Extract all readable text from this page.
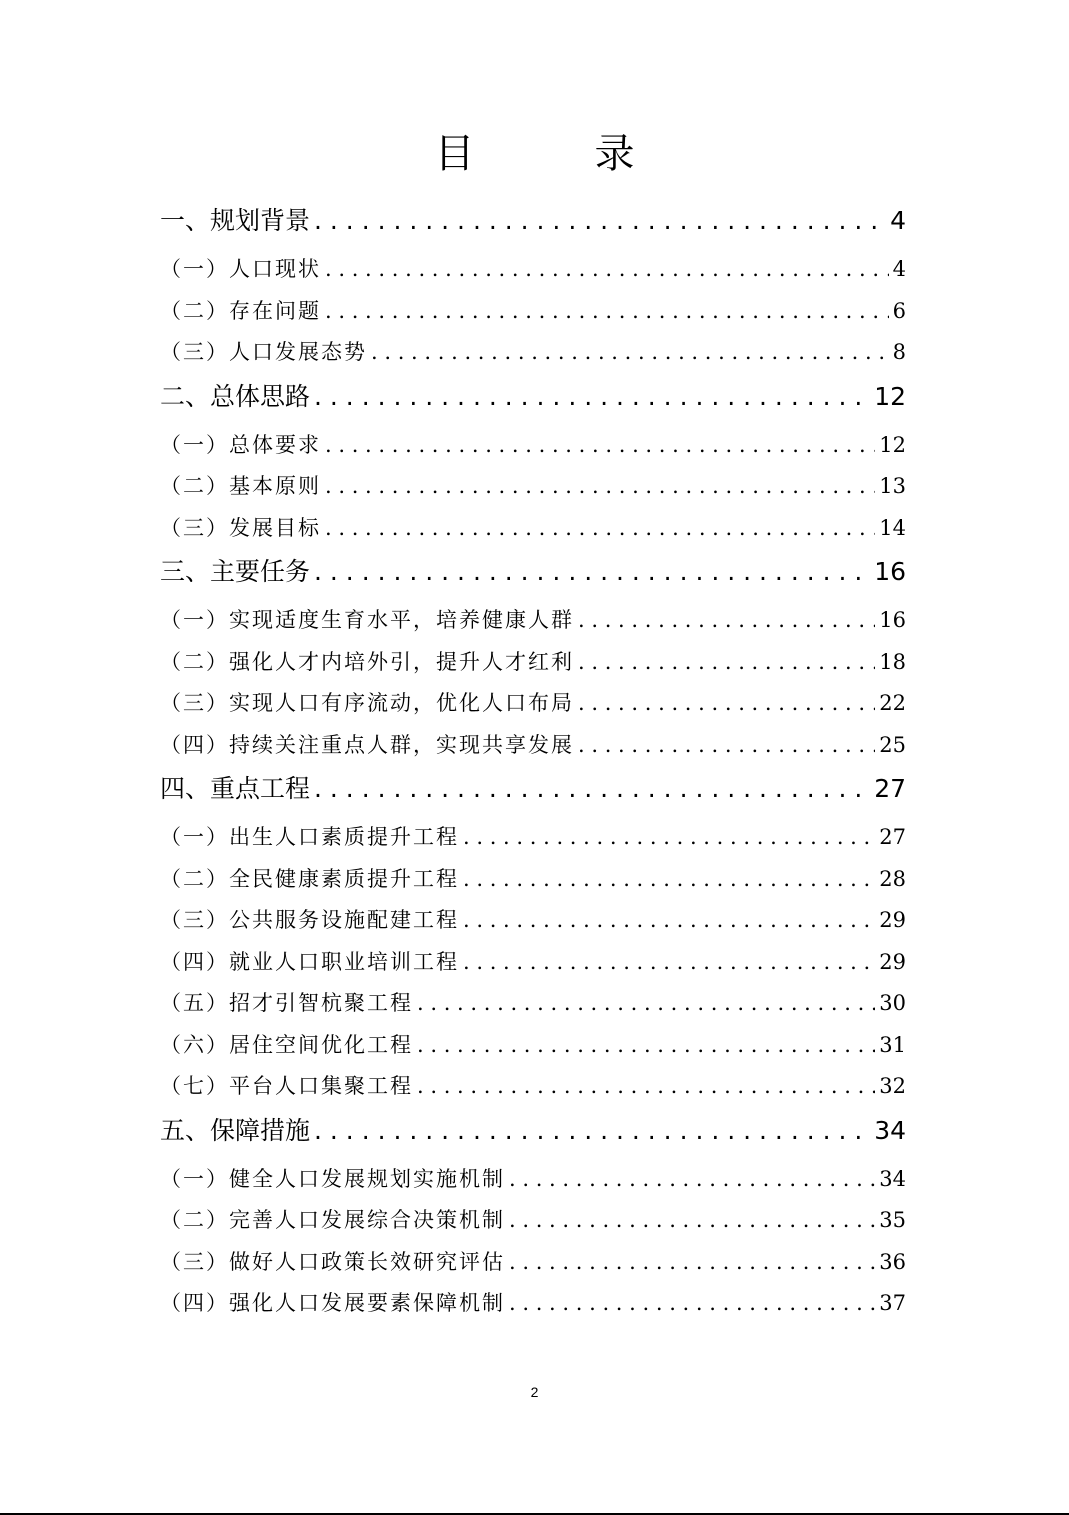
目　录
一、规划背景 . . .	4
（一）人口现状 . . .	4
（二）存在问题 . . .	6
（三）人口发展态势 . . .	8
二、总体思路 . . .	12
（一）总体要求 . . .	12
（二）基本原则 . . .	13
（三）发展目标 . . .	14
三、主要任务 . . .	16
（一）实现适度生育水平，培养健康人群 . . .	16
（二）强化人才内培外引，提升人才红利 . . .	18
（三）实现人口有序流动，优化人口布局 . . .	22
（四）持续关注重点人群，实现共享发展 . . .	25
四、重点工程 . . .	27
（一）出生人口素质提升工程 . . .	27
（二）全民健康素质提升工程 . . .	28
（三）公共服务设施配建工程 . . .	29
（四）就业人口职业培训工程 . . .	29
（五）招才引智杭聚工程 . . .	30
（六）居住空间优化工程 . . .	31
（七）平台人口集聚工程 . . .	32
五、保障措施 . . .	34
（一）健全人口发展规划实施机制 . . .	34
（二）完善人口发展综合决策机制 . . .	35
（三）做好人口政策长效研究评估 . . .	36
（四）强化人口发展要素保障机制 . . .	37
2
